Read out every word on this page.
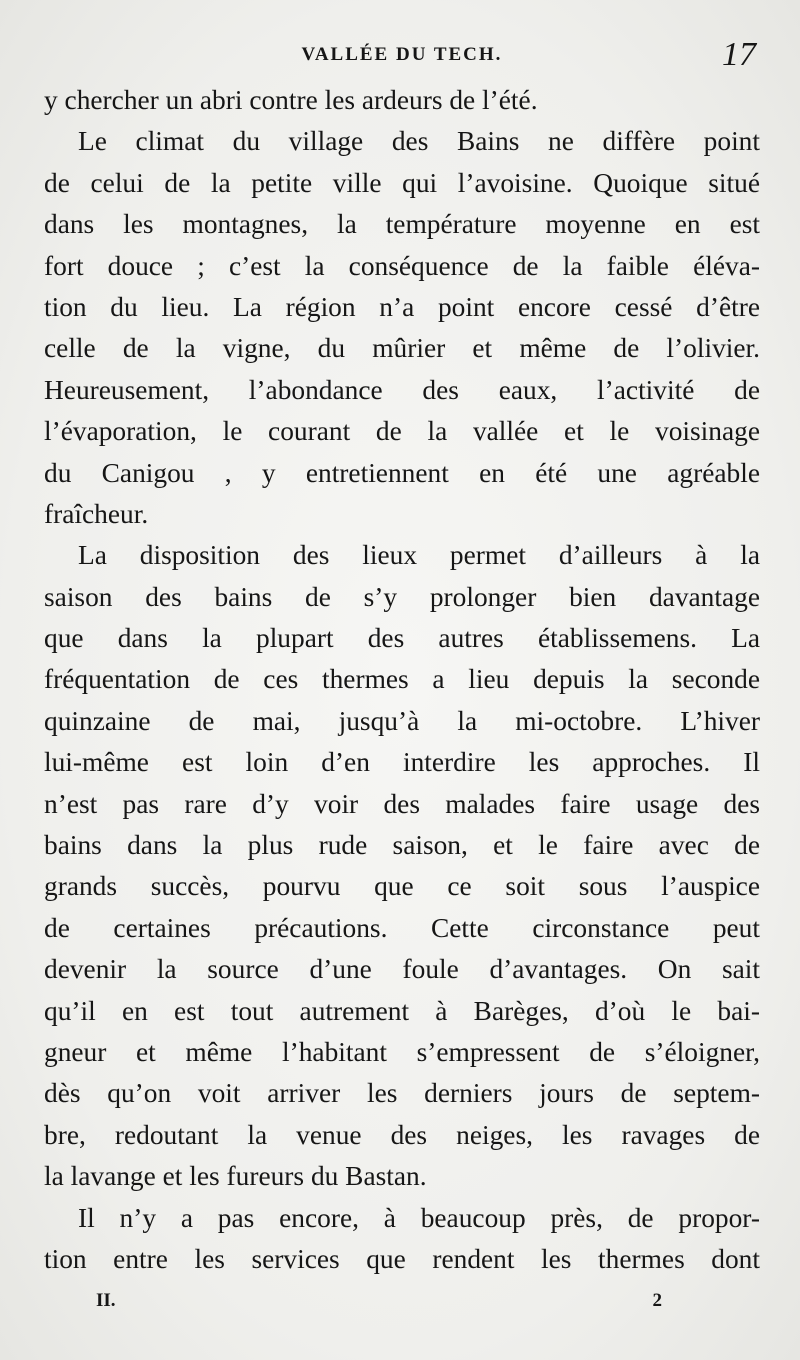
VALLÉE DU TECH.	17
y chercher un abri contre les ardeurs de l’été.
Le climat du village des Bains ne diffère point
de celui de la petite ville qui l’avoisine. Quoique situé
dans les montagnes, la température moyenne en est
fort douce ; c’est la conséquence de la faible éléva-
tion du lieu. La région n’a point encore cessé d’être
celle de la vigne, du mûrier et même de l’olivier.
Heureusement, l’abondance des eaux, l’activité de
l’évaporation, le courant de la vallée et le voisinage
du Canigou , y entretiennent en été une agréable
fraîcheur.
La disposition des lieux permet d’ailleurs à la
saison des bains de s’y prolonger bien davantage
que dans la plupart des autres établissemens. La
fréquentation de ces thermes a lieu depuis la seconde
quinzaine de mai, jusqu’à la mi-octobre. L’hiver
lui-même est loin d’en interdire les approches. Il
n’est pas rare d’y voir des malades faire usage des
bains dans la plus rude saison, et le faire avec de
grands succès, pourvu que ce soit sous l’auspice
de certaines précautions. Cette circonstance peut
devenir la source d’une foule d’avantages. On sait
qu’il en est tout autrement à Barèges, d’où le bai-
gneur et même l’habitant s’empressent de s’éloigner,
dès qu’on voit arriver les derniers jours de septem-
bre, redoutant la venue des neiges, les ravages de
la lavange et les fureurs du Bastan.
Il n’y a pas encore, à beaucoup près, de propor-
tion entre les services que rendent les thermes dont
II.	2
